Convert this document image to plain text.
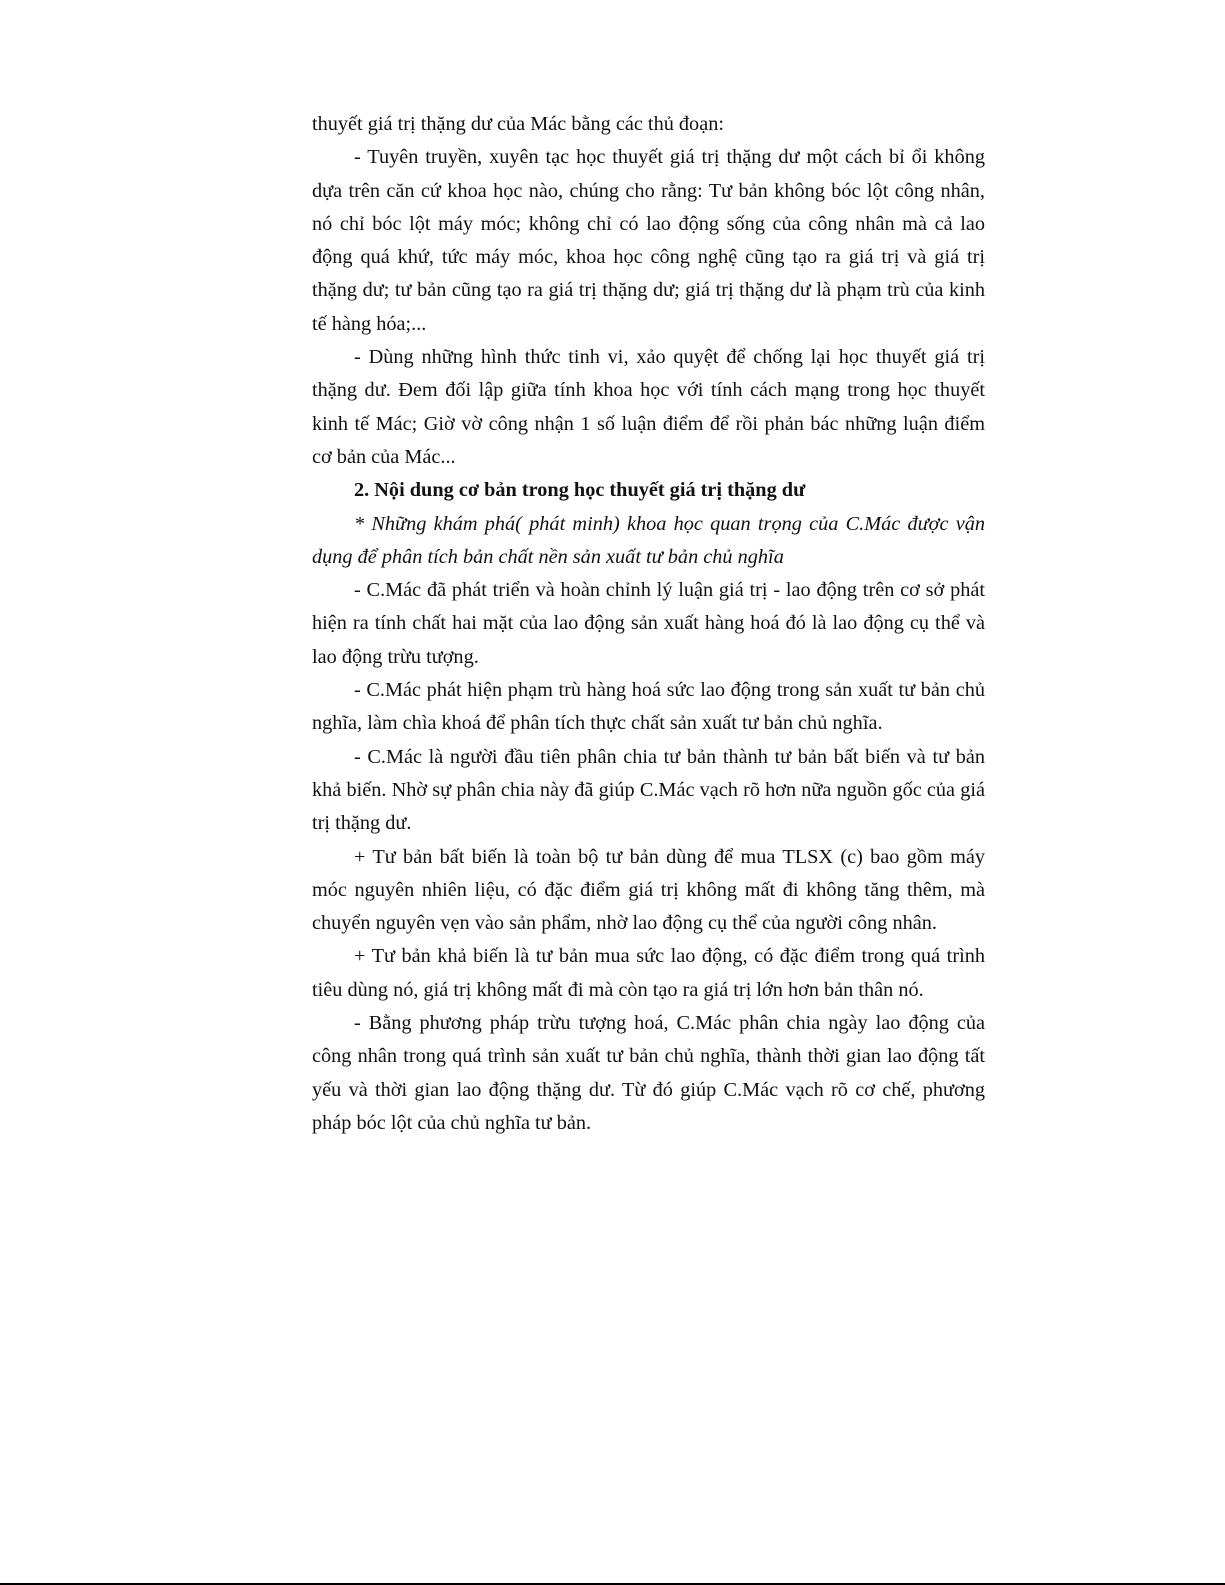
thuyết giá trị thặng dư của Mác bằng các thủ đoạn:

- Tuyên truyền, xuyên tạc học thuyết giá trị thặng dư một cách bỉ ổi không dựa trên căn cứ khoa học nào, chúng cho rằng: Tư bản không bóc lột công nhân, nó chỉ bóc lột máy móc; không chỉ có lao động sống của công nhân mà cả lao động quá khứ, tức máy móc, khoa học công nghệ cũng tạo ra giá trị và giá trị thặng dư; tư bản cũng tạo ra giá trị thặng dư; giá trị thặng dư là phạm trù của kinh tế hàng hóa;...

- Dùng những hình thức tinh vi, xảo quyệt để chống lại học thuyết giá trị thặng dư. Đem đối lập giữa tính khoa học với tính cách mạng trong học thuyết kinh tế Mác; Giờ vờ công nhận 1 số luận điểm để rồi phản bác những luận điểm cơ bản của Mác...

2. Nội dung cơ bản trong học thuyết giá trị thặng dư

* Những khám phá( phát minh) khoa học quan trọng của C.Mác được vận dụng để phân tích bản chất nền sản xuất tư bản chủ nghĩa

- C.Mác đã phát triển và hoàn chỉnh lý luận giá trị - lao động trên cơ sở phát hiện ra tính chất hai mặt của lao động sản xuất hàng hoá đó là lao động cụ thể và lao động trừu tượng.

- C.Mác phát hiện phạm trù hàng hoá sức lao động trong sản xuất tư bản chủ nghĩa, làm chìa khoá để phân tích thực chất sản xuất tư bản chủ nghĩa.

- C.Mác là người đầu tiên phân chia tư bản thành tư bản bất biến và tư bản khả biến. Nhờ sự phân chia này đã giúp C.Mác vạch rõ hơn nữa nguồn gốc của giá trị thặng dư.

+ Tư bản bất biến là toàn bộ tư bản dùng để mua TLSX (c) bao gồm máy móc nguyên nhiên liệu, có đặc điểm giá trị không mất đi không tăng thêm, mà chuyển nguyên vẹn vào sản phẩm, nhờ lao động cụ thể của người công nhân.

+ Tư bản khả biến là tư bản mua sức lao động, có đặc điểm trong quá trình tiêu dùng nó, giá trị không mất đi mà còn tạo ra giá trị lớn hơn bản thân nó.

- Bằng phương pháp trừu tượng hoá, C.Mác phân chia ngày lao động của công nhân trong quá trình sản xuất tư bản chủ nghĩa, thành thời gian lao động tất yếu và thời gian lao động thặng dư. Từ đó giúp C.Mác vạch rõ cơ chế, phương pháp bóc lột của chủ nghĩa tư bản.
